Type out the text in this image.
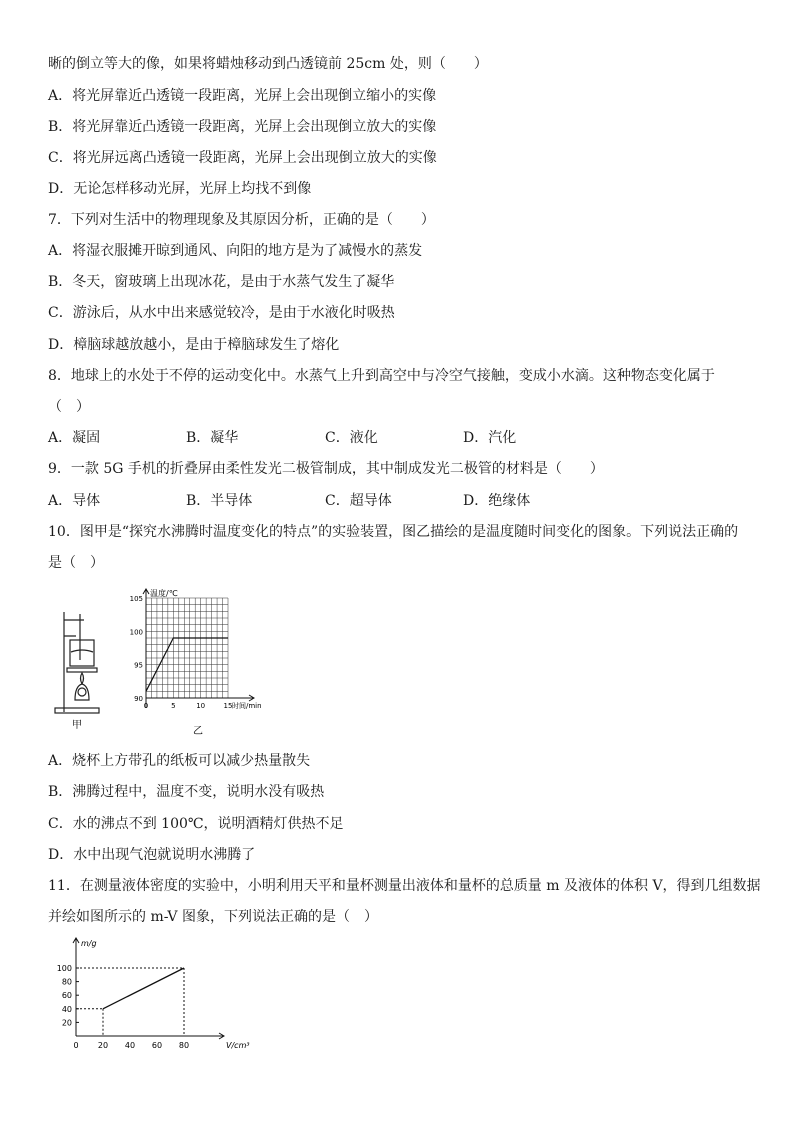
晰的倒立等大的像，如果将蜡烛移动到凸透镜前 25cm 处，则（　　）
A．将光屏靠近凸透镜一段距离，光屏上会出现倒立缩小的实像
B．将光屏靠近凸透镜一段距离，光屏上会出现倒立放大的实像
C．将光屏远离凸透镜一段距离，光屏上会出现倒立放大的实像
D．无论怎样移动光屏，光屏上均找不到像
7．下列对生活中的物理现象及其原因分析，正确的是（　　）
A．将湿衣服摊开晾到通风、向阳的地方是为了减慢水的蒸发
B．冬天，窗玻璃上出现冰花，是由于水蒸气发生了凝华
C．游泳后，从水中出来感觉较冷，是由于水液化时吸热
D．樟脑球越放越小，是由于樟脑球发生了熔化
8．地球上的水处于不停的运动变化中。水蒸气上升到高空中与冷空气接触，变成小水滴。这种物态变化属于
（　）
A．凝固	B．凝华	C．液化	D．汽化
9．一款 5G 手机的折叠屏由柔性发光二极管制成，其中制成发光二极管的材料是（　　）
A．导体	B．半导体	C．超导体	D．绝缘体
10．图甲是“探究水沸腾时温度变化的特点”的实验装置，图乙描绘的是温度随时间变化的图象。下列说法正确的
是（　）
甲
90
95
100
105
0	5	10	15
温度/℃
时间/min
乙
A．烧杯上方带孔的纸板可以减少热量散失
B．沸腾过程中，温度不变，说明水没有吸热
C．水的沸点不到 100℃，说明酒精灯供热不足
D．水中出现气泡就说明水沸腾了
11．在测量液体密度的实验中，小明利用天平和量杯测量出液体和量杯的总质量 m 及液体的体积 V，得到几组数据
并绘如图所示的 m-V 图象，下列说法正确的是（　）
20
40
60
80
100
0 20 40 60 80
m/g
V/cm³
